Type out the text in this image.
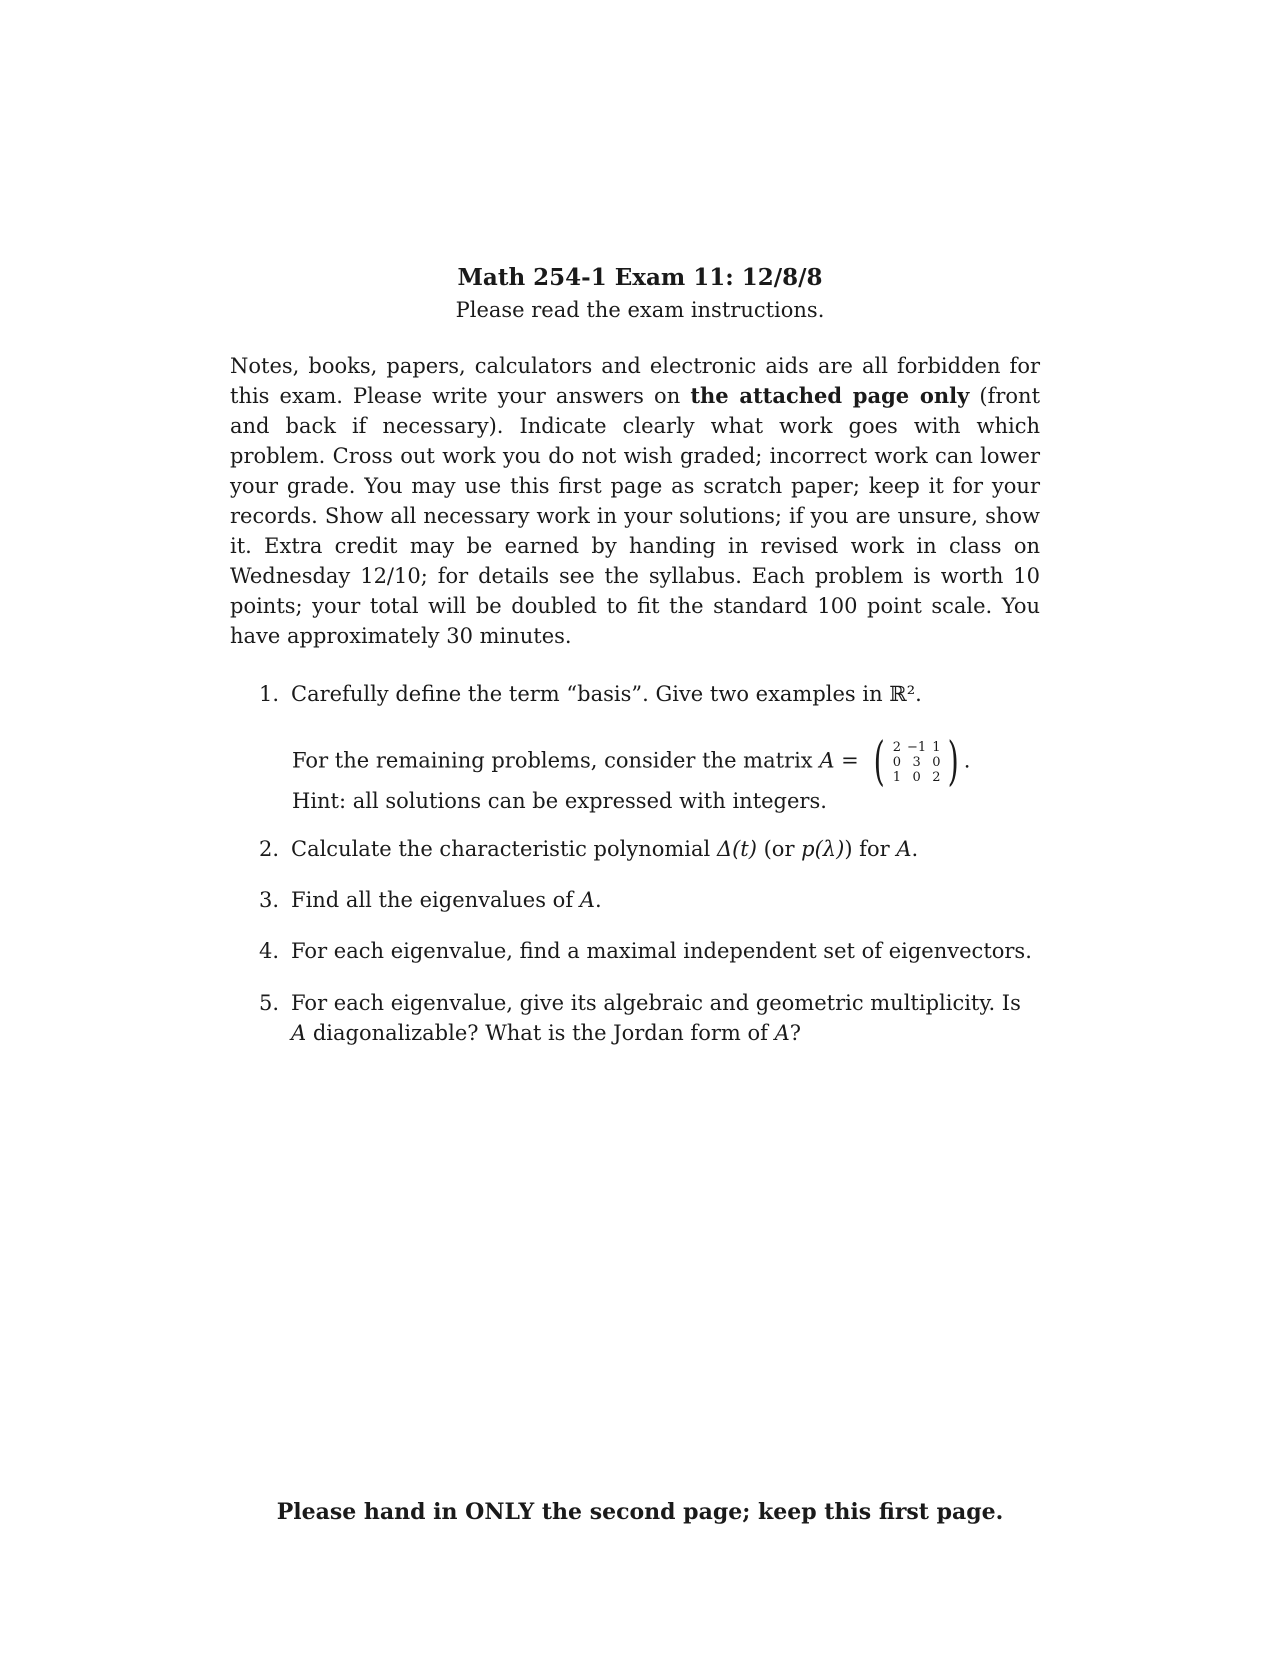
Math 254-1 Exam 11: 12/8/8
Please read the exam instructions.
Notes, books, papers, calculators and electronic aids are all forbidden for this exam. Please write your answers on the attached page only (front and back if necessary). Indicate clearly what work goes with which problem. Cross out work you do not wish graded; incorrect work can lower your grade. You may use this first page as scratch paper; keep it for your records. Show all necessary work in your solutions; if you are unsure, show it. Extra credit may be earned by handing in revised work in class on Wednesday 12/10; for details see the syllabus. Each problem is worth 10 points; your total will be doubled to fit the standard 100 point scale. You have approximately 30 minutes.
1. Carefully define the term “basis”. Give two examples in ℝ².
For the remaining problems, consider the matrix A = ( 2	−1	1
0	3	0
1	0	2 ) .
Hint: all solutions can be expressed with integers.
2. Calculate the characteristic polynomial Δ(t) (or p(λ)) for A.
3. Find all the eigenvalues of A.
4. For each eigenvalue, find a maximal independent set of eigenvectors.
5. For each eigenvalue, give its algebraic and geometric multiplicity. Is A diagonalizable? What is the Jordan form of A?
Please hand in ONLY the second page; keep this first page.
